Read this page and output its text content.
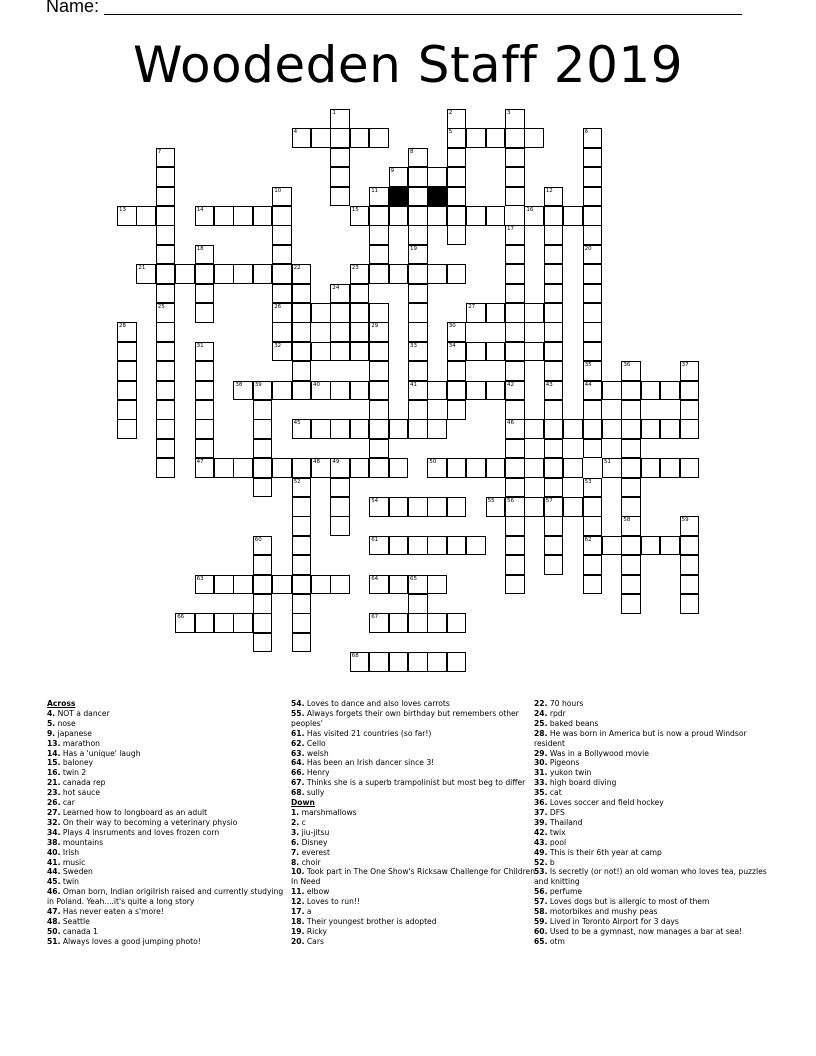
Name:
Woodeden Staff 2019
4	5
9
13	14	15	16
21	23
26	27
32	34
38 39	40	41	44
45	46
47	48 49	50	51
54	55 56	57
61	62
63	64	65
66	67
68
1	2	3
6
7
25
8
19
10	11	12
43
17
42
18
33
20
22
24
28	29	30
31
35	36
58
37
52	53
59
60
Across
4. NOT a dancer
5. nose
9. japanese
13. marathon
14. Has a 'unique' laugh
15. baloney
16. twin 2
21. canada rep
23. hot sauce
26. car
27. Learned how to longboard as an adult
32. On their way to becoming a veterinary physio
34. Plays 4 insruments and loves frozen corn
38. mountains
40. Irish
41. music
44. Sweden
45. twin
46. Oman born, Indian origiIrish raised and currently studying in Poland. Yeah....it's quite a long story
47. Has never eaten a s'more!
48. Seattle
50. canada 1
51. Always loves a good jumping photo!
54. Loves to dance and also loves carrots
55. Always forgets their own birthday but remembers other peoples'
61. Has visited 21 countries (so far!)
62. Cello
63. welsh
64. Has been an Irish dancer since 3!
66. Henry
67. Thinks she is a superb trampolinist but most beg to differ
68. sully
Down
1. marshmallows
2. c
3. jiu-jitsu
6. Disney
7. everest
8. choir
10. Took part in The One Show's Ricksaw Challenge for Children In Need
11. elbow
12. Loves to run!!
17. a
18. Their youngest brother is adopted
19. Ricky
20. Cars
22. 70 hours
24. rpdr
25. baked beans
28. He was born in America but is now a proud Windsor resident
29. Was in a Bollywood movie
30. Pigeons
31. yukon twin
33. high board diving
35. cat
36. Loves soccer and field hockey
37. DFS
39. Thailand
42. twix
43. pool
49. This is their 6th year at camp
52. b
53. Is secretly (or not!) an old woman who loves tea, puzzles and knitting
56. perfume
57. Loves dogs but is allergic to most of them
58. motorbikes and mushy peas
59. Lived in Toronto Airport for 3 days
60. Used to be a gymnast, now manages a bar at sea!
65. otm
